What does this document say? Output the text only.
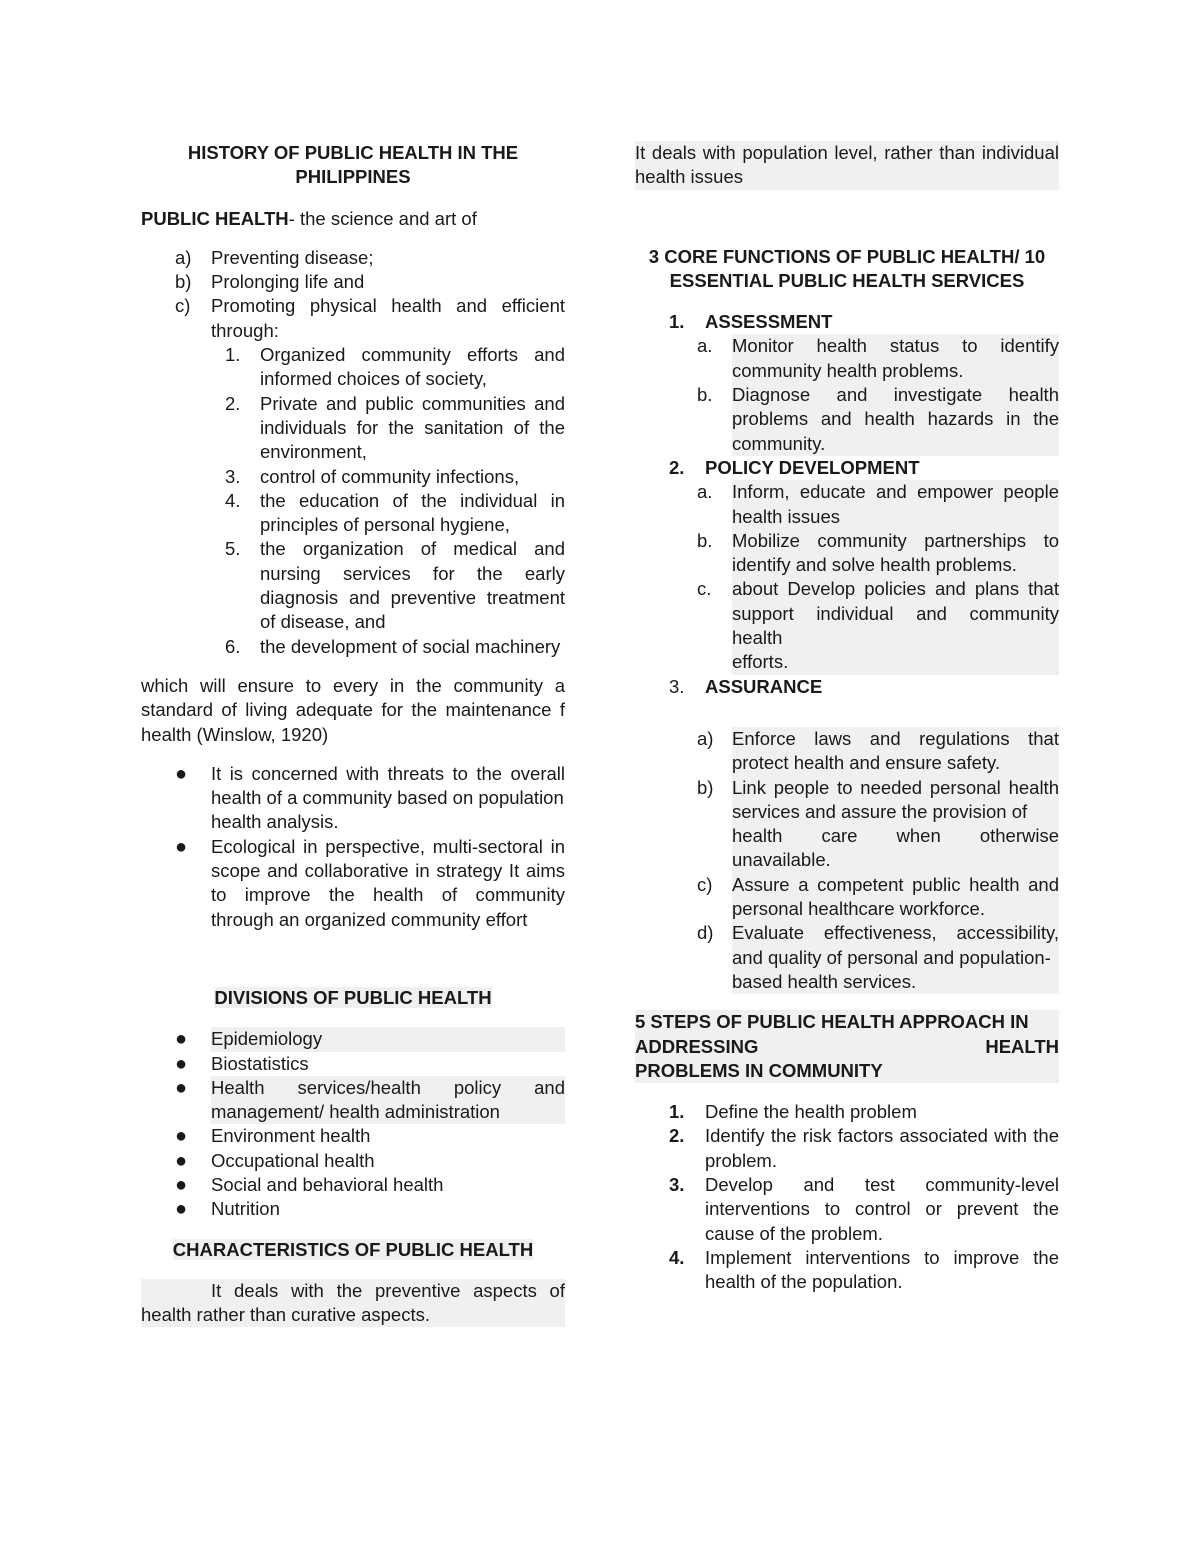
HISTORY OF PUBLIC HEALTH IN THE
PHILIPPINES

PUBLIC HEALTH- the science and art of

a)	Preventing disease;
b)	Prolonging life and
c)	Promoting physical health and efficient through:
1.	Organized community efforts and informed choices of society,
2.	Private and public communities and individuals for the sanitation of the environment,
3.	control of community infections,
4.	the education of the individual in principles of personal hygiene,
5.	the organization of medical and nursing services for the early diagnosis and preventive treatment of disease, and
6.	the development of social machinery

which will ensure to every in the community a standard of living adequate for the maintenance f health (Winslow, 1920)

●	It is concerned with threats to the overall health of a community based on population
health analysis.
●	Ecological in perspective, multi-sectoral in scope and collaborative in strategy It aims to improve the health of community through an organized community effort
DIVISIONS OF PUBLIC HEALTH
●	Epidemiology
●	Biostatistics
●	Health services/health policy and management/ health administration
●	Environment health
●	Occupational health
●	Social and behavioral health
●	Nutrition
CHARACTERISTICS OF PUBLIC HEALTH

It deals with the preventive aspects of health rather than curative aspects.

It deals with population level, rather than individual health issues

3 CORE FUNCTIONS OF PUBLIC HEALTH/ 10
ESSENTIAL PUBLIC HEALTH SERVICES
1.	ASSESSMENT
a.	Monitor health status to identify community health problems.
b.	Diagnose and investigate health problems and health hazards in the community.
2.	POLICY DEVELOPMENT
a.	Inform, educate and empower people health issues
b.	Mobilize community partnerships to identify and solve health problems.
c.	about Develop policies and plans that support individual and community health
efforts.
3.	ASSURANCE
a)	Enforce laws and regulations that protect health and ensure safety.
b)	Link people to needed personal health services and assure the provision of
health care when otherwise unavailable.
c)	Assure a competent public health and personal healthcare workforce.
d)	Evaluate effectiveness, accessibility, and quality of personal and population-
based health services.
5 STEPS OF PUBLIC HEALTH APPROACH IN
ADDRESSING HEALTH
PROBLEMS IN COMMUNITY
1.	Define the health problem
2.	Identify the risk factors associated with the problem.
3.	Develop and test community-level interventions to control or prevent the cause of the problem.
4.	Implement interventions to improve the health of the population.
